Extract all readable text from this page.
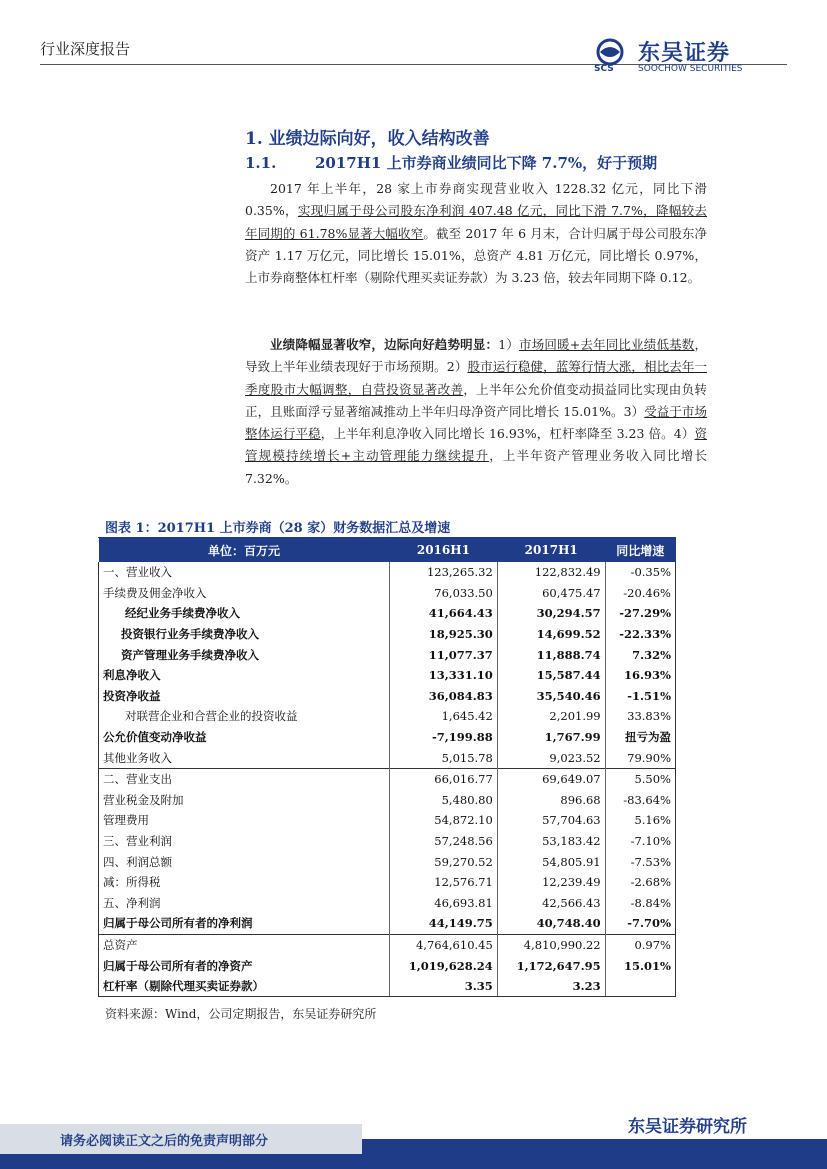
行业深度报告
SCS
东吴证券
SOOCHOW SECURITIES
1. 业绩边际向好，收入结构改善
1.1.	2017H1 上市券商业绩同比下降 7.7%，好于预期
2017 年上半年，28 家上市券商实现营业收入 1228.32 亿元，同比下滑 0.35%，实现归属于母公司股东净利润 407.48 亿元，同比下滑 7.7%，降幅较去年同期的 61.78%显著大幅收窄。截至 2017 年 6 月末，合计归属于母公司股东净资产 1.17 万亿元，同比增长 15.01%，总资产 4.81 万亿元，同比增长 0.97%，上市券商整体杠杆率（剔除代理买卖证券款）为 3.23 倍，较去年同期下降 0.12。
业绩降幅显著收窄，边际向好趋势明显：1）市场回暖+去年同比业绩低基数，导致上半年业绩表现好于市场预期。2）股市运行稳健，蓝筹行情大涨，相比去年一季度股市大幅调整，自营投资显著改善，上半年公允价值变动损益同比实现由负转正，且账面浮亏显著缩减推动上半年归母净资产同比增长 15.01%。3）受益于市场整体运行平稳，上半年利息净收入同比增长 16.93%，杠杆率降至 3.23 倍。4）资管规模持续增长+主动管理能力继续提升，上半年资产管理业务收入同比增长 7.32%。
图表 1：2017H1 上市券商（28 家）财务数据汇总及增速
单位：百万元	2016H1	2017H1	同比增速
一、营业收入	123,265.32	122,832.49	-0.35%
手续费及佣金净收入	76,033.50	60,475.47	-20.46%
经纪业务手续费净收入	41,664.43	30,294.57	-27.29%
投资银行业务手续费净收入	18,925.30	14,699.52	-22.33%
资产管理业务手续费净收入	11,077.37	11,888.74	7.32%
利息净收入	13,331.10	15,587.44	16.93%
投资净收益	36,084.83	35,540.46	-1.51%
对联营企业和合营企业的投资收益	1,645.42	2,201.99	33.83%
公允价值变动净收益	-7,199.88	1,767.99	扭亏为盈
其他业务收入	5,015.78	9,023.52	79.90%
二、营业支出	66,016.77	69,649.07	5.50%
营业税金及附加	5,480.80	896.68	-83.64%
管理费用	54,872.10	57,704.63	5.16%
三、营业利润	57,248.56	53,183.42	-7.10%
四、利润总额	59,270.52	54,805.91	-7.53%
减：所得税	12,576.71	12,239.49	-2.68%
五、净利润	46,693.81	42,566.43	-8.84%
归属于母公司所有者的净利润	44,149.75	40,748.40	-7.70%
总资产	4,764,610.45	4,810,990.22	0.97%
归属于母公司所有者的净资产	1,019,628.24	1,172,647.95	15.01%
杠杆率（剔除代理买卖证券款）	3.35	3.23	
资料来源：Wind，公司定期报告，东吴证券研究所
东吴证券研究所
请务必阅读正文之后的免责声明部分
